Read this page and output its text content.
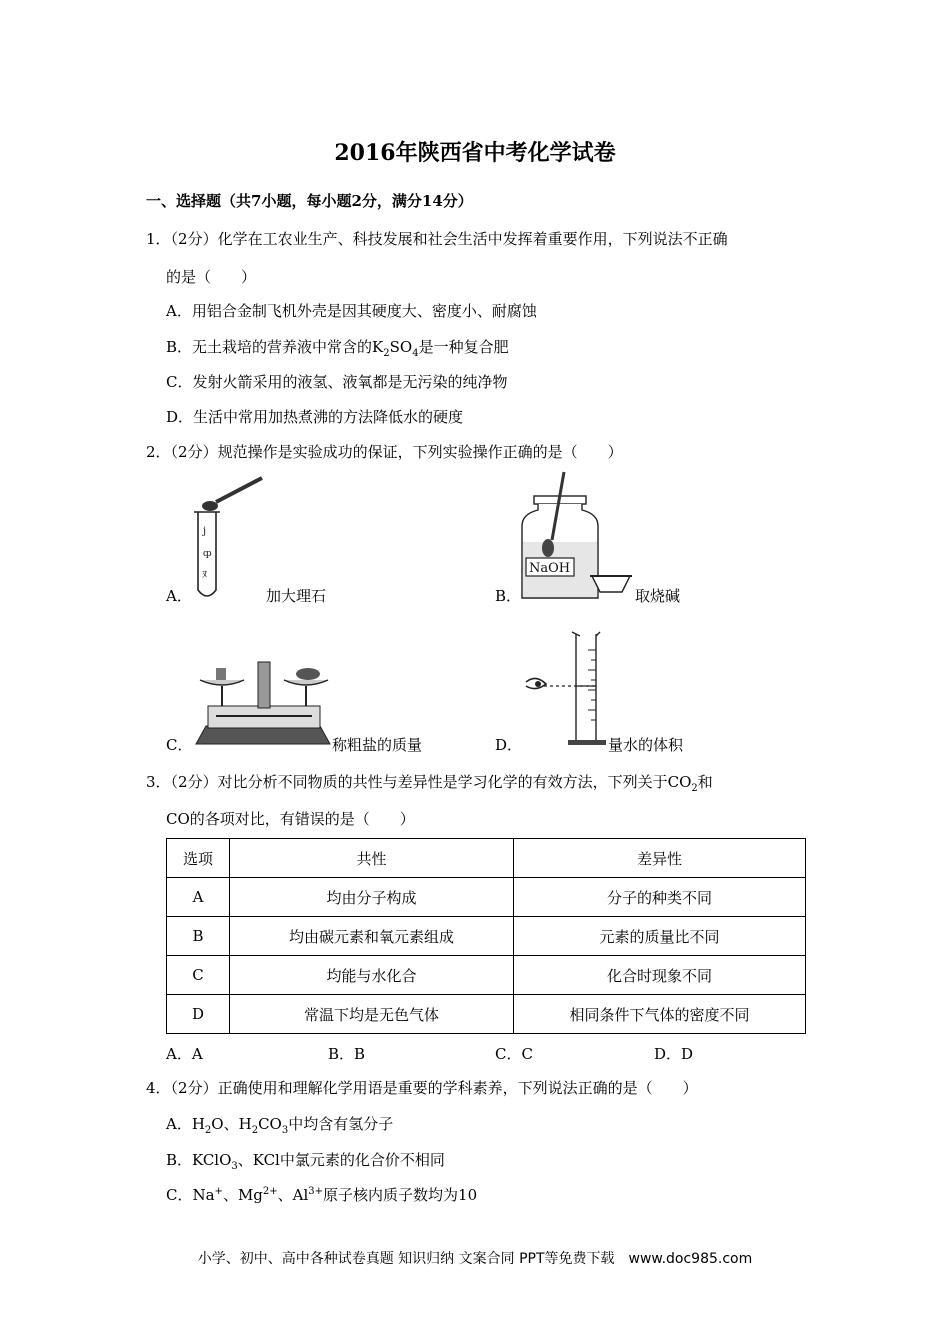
2016年陕西省中考化学试卷
一、选择题（共7小题，每小题2分，满分14分）
1．（2分）化学在工农业生产、科技发展和社会生活中发挥着重要作用，下列说法不正确
的是（　　）
A．用铝合金制飞机外壳是因其硬度大、密度小、耐腐蚀
B．无土栽培的营养液中常含的$K_2SO_4$是一种复合肥
C．发射火箭采用的液氢、液氧都是无污染的纯净物
D．生活中常用加热煮沸的方法降低水的硬度
2．（2分）规范操作是实验成功的保证，下列实验操作正确的是（　　）
j
ȹ
ﾇ
A．	加大理石
NaOH
B．	取烧碱
C．	称粗盐的质量	D．	量水的体积
3．（2分）对比分析不同物质的共性与差异性是学习化学的有效方法，下列关于$CO_2$和
CO的各项对比，有错误的是（　　）
选项	共性	差异性
A	均由分子构成	分子的种类不同
B	均由碳元素和氧元素组成	元素的质量比不同
C	均能与水化合	化合时现象不同
D	常温下均是无色气体	相同条件下气体的密度不同
A．A	B．B	C．C	D．D
4．（2分）正确使用和理解化学用语是重要的学科素养，下列说法正确的是（　　）
A．$H_2O$、$H_2CO_3$中均含有氢分子
B．KClO$_3$、KCl中氯元素的化合价不相同
C．Na+、$Mg^{2+}$、$Al^{3+}$原子核内质子数均为10
小学、初中、高中各种试卷真题 知识归纳 文案合同 PPT等免费下载　www.doc985.com
